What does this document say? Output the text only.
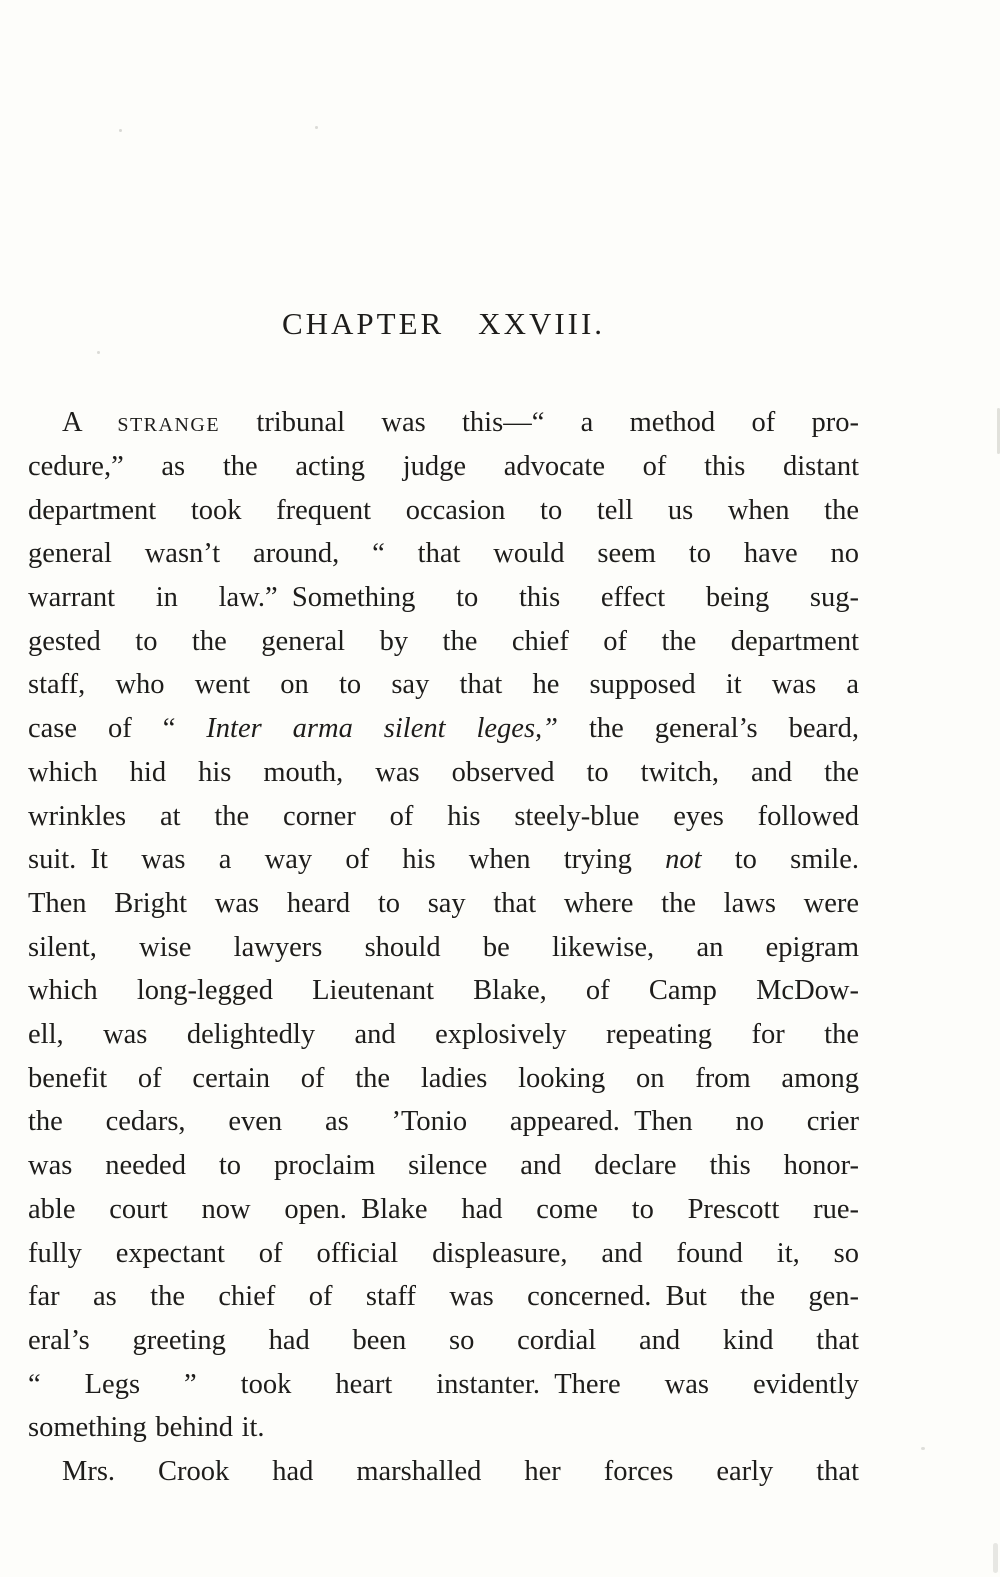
CHAPTER XXVIII.
A strange tribunal was this—“ a method of pro-
cedure,” as the acting judge advocate of this distant
department took frequent occasion to tell us when the
general wasn’t around, “ that would seem to have no
warrant in law.” Something to this effect being sug-
gested to the general by the chief of the department
staff, who went on to say that he supposed it was a
case of “ Inter arma silent leges,” the general’s beard,
which hid his mouth, was observed to twitch, and the
wrinkles at the corner of his steely-blue eyes followed
suit. It was a way of his when trying not to smile.
Then Bright was heard to say that where the laws were
silent, wise lawyers should be likewise, an epigram
which long-legged Lieutenant Blake, of Camp McDow-
ell, was delightedly and explosively repeating for the
benefit of certain of the ladies looking on from among
the cedars, even as ’Tonio appeared. Then no crier
was needed to proclaim silence and declare this honor-
able court now open. Blake had come to Prescott rue-
fully expectant of official displeasure, and found it, so
far as the chief of staff was concerned. But the gen-
eral’s greeting had been so cordial and kind that
“ Legs ” took heart instanter. There was evidently
something behind it.
Mrs. Crook had marshalled her forces early that
